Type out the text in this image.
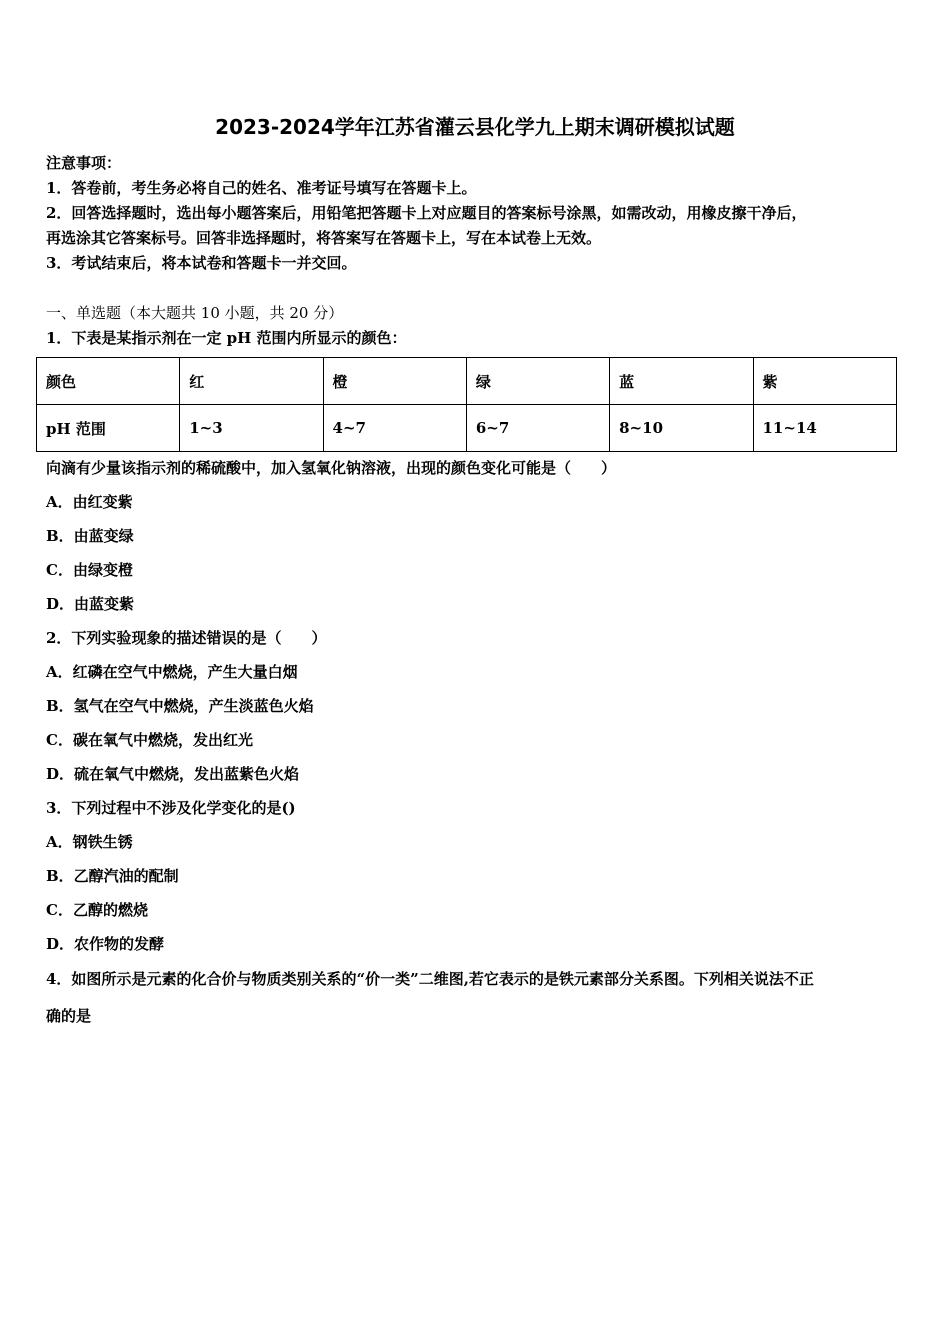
2023-2024学年江苏省灌云县化学九上期末调研模拟试题
注意事项：
1．答卷前，考生务必将自己的姓名、准考证号填写在答题卡上。
2．回答选择题时，选出每小题答案后，用铅笔把答题卡上对应题目的答案标号涂黑，如需改动，用橡皮擦干净后，
再选涂其它答案标号。回答非选择题时，将答案写在答题卡上，写在本试卷上无效。
3．考试结束后，将本试卷和答题卡一并交回。
一、单选题（本大题共 10 小题，共 20 分）
1．下表是某指示剂在一定 pH 范围内所显示的颜色：
颜色	红	橙	绿	蓝	紫
pH 范围	1~3	4~7	6~7	8~10	11~14
向滴有少量该指示剂的稀硫酸中，加入氢氧化钠溶液，出现的颜色变化可能是（　　）
A．由红变紫
B．由蓝变绿
C．由绿变橙
D．由蓝变紫
2．下列实验现象的描述错误的是（　　）
A．红磷在空气中燃烧，产生大量白烟
B．氢气在空气中燃烧，产生淡蓝色火焰
C．碳在氧气中燃烧，发出红光
D．硫在氧气中燃烧，发出蓝紫色火焰
3．下列过程中不涉及化学变化的是()
A．钢铁生锈
B．乙醇汽油的配制
C．乙醇的燃烧
D．农作物的发酵
4．如图所示是元素的化合价与物质类别关系的“价一类”二维图,若它表示的是铁元素部分关系图。下列相关说法不正
确的是
